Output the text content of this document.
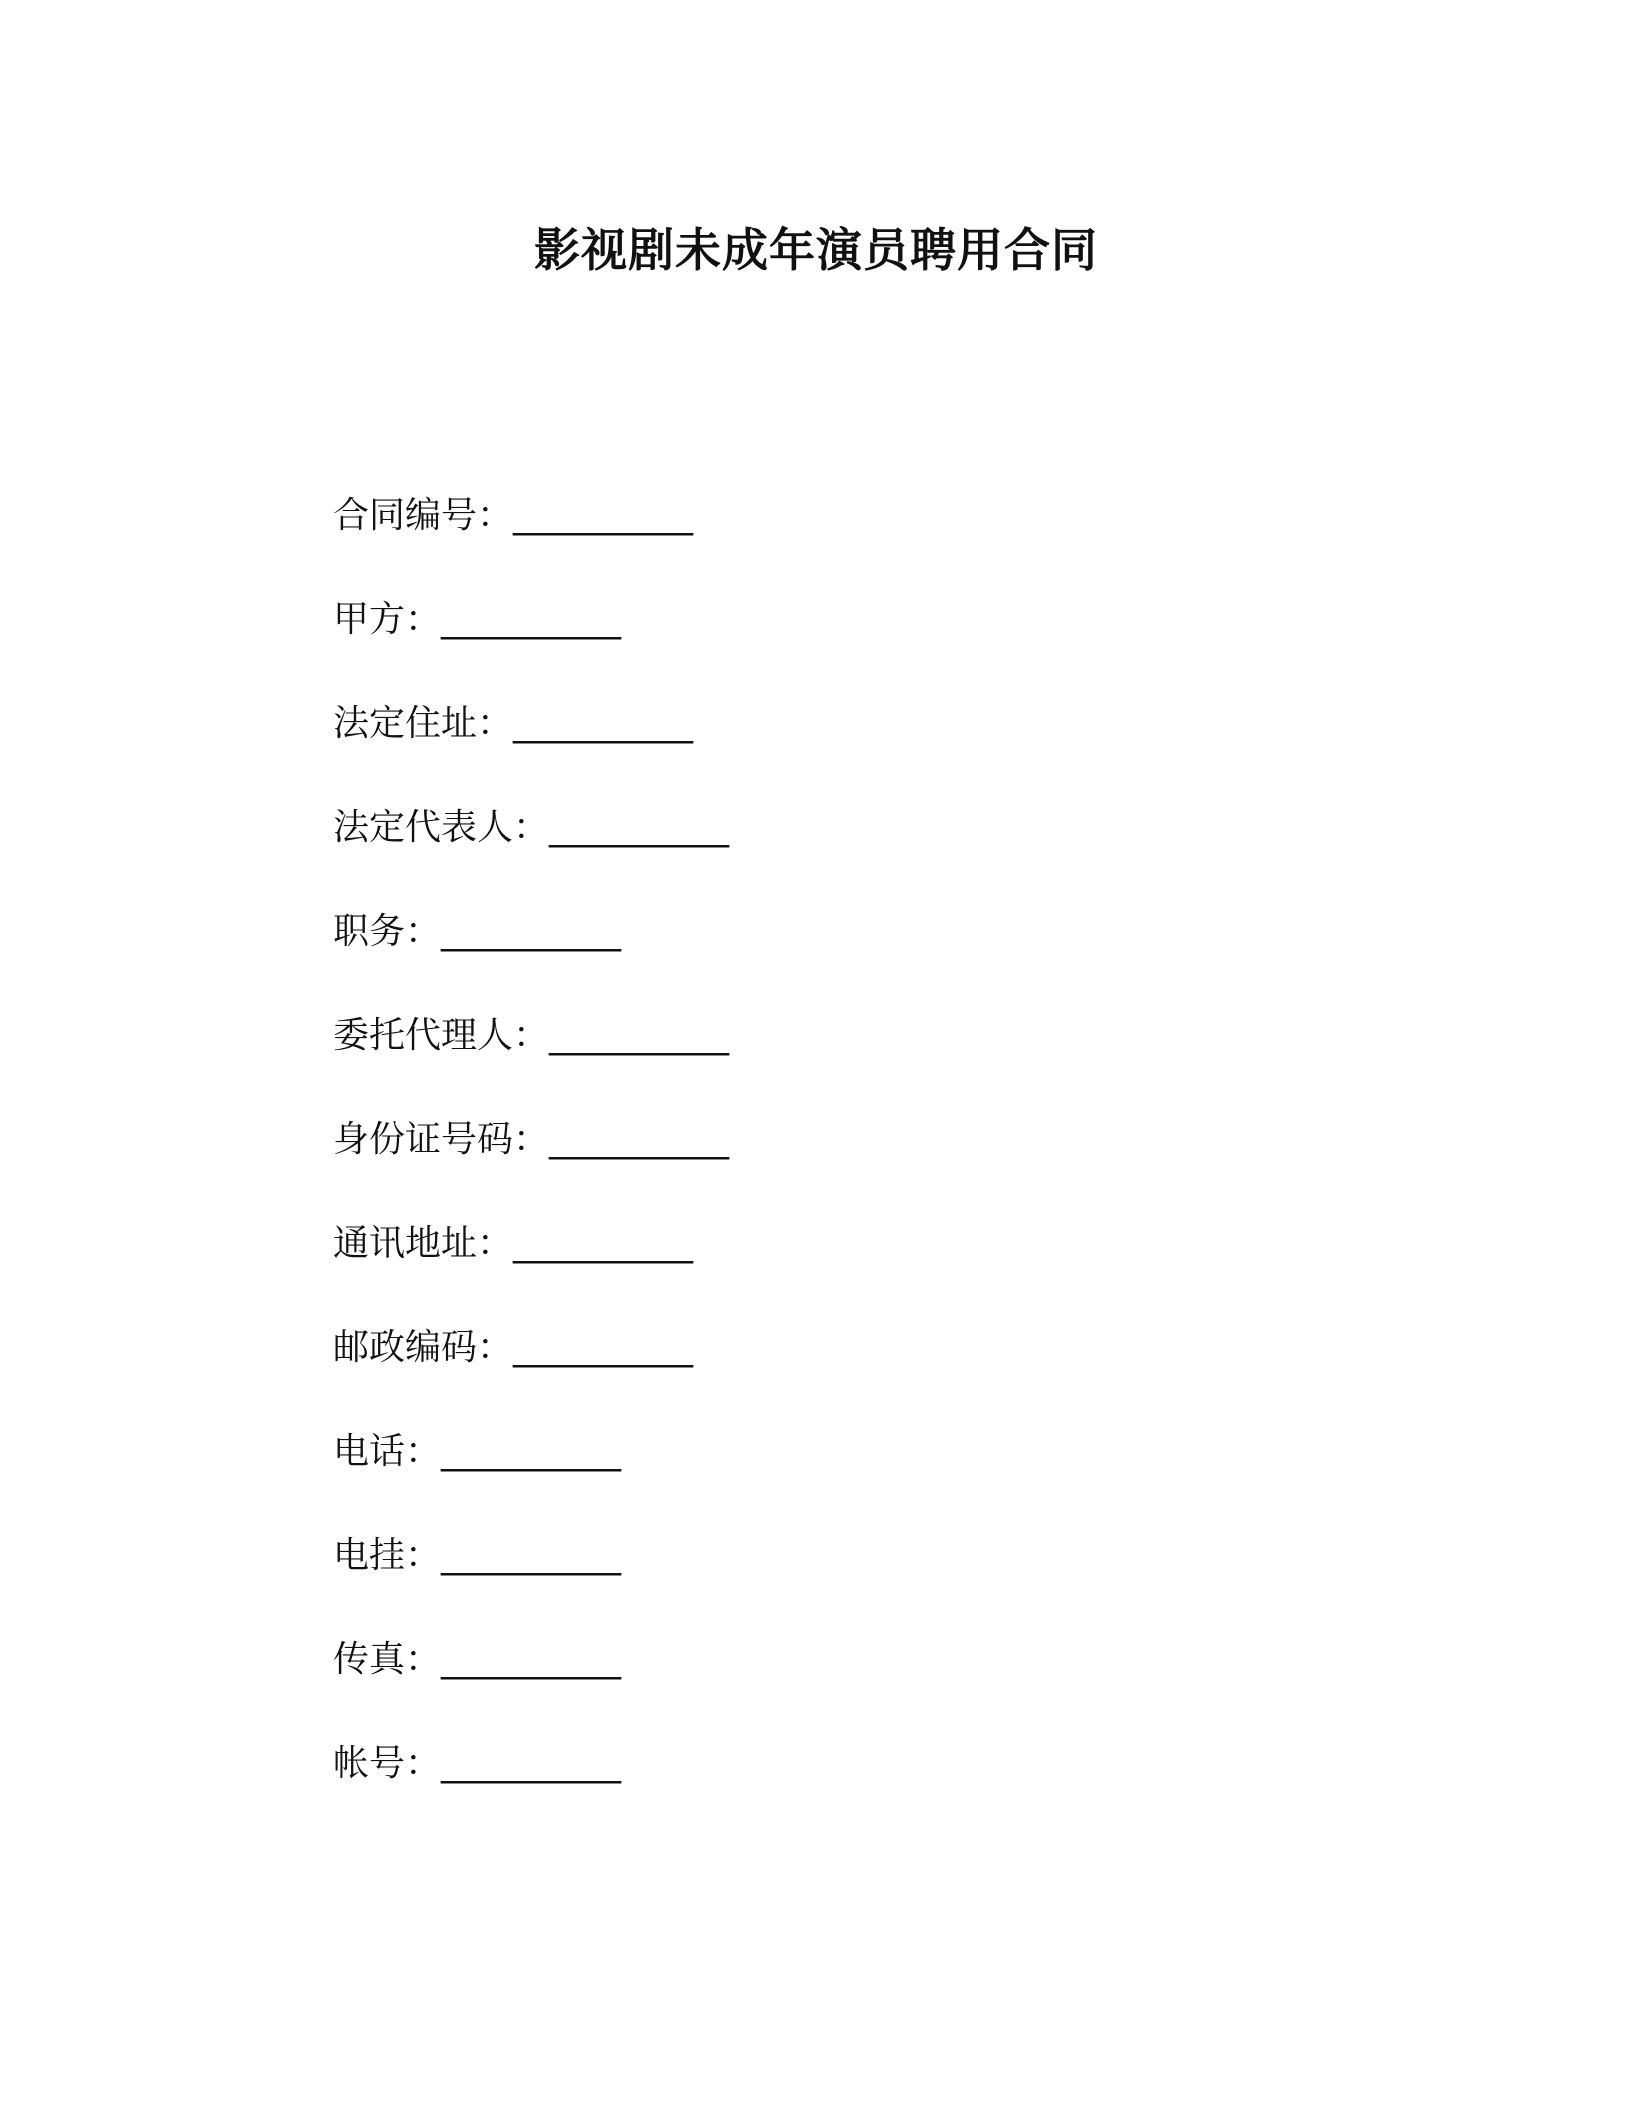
影视剧未成年演员聘用合同
合同编号： __________
甲方： __________
法定住址： __________
法定代表人： __________
职务： __________
委托代理人： __________
身份证号码： __________
通讯地址： __________
邮政编码： __________
电话： __________
电挂： __________
传真： __________
帐号： __________
